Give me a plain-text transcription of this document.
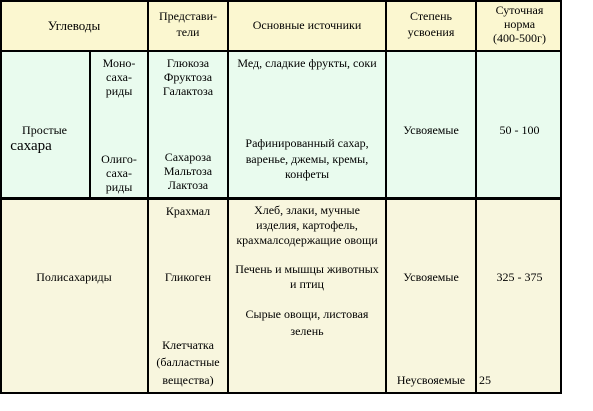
Углеводы
Представи-
тели	Основные источники
Степень
усвоения
Суточная
норма
(400-500г)
Простые
сахара
Моно-
саха-
риды
Олиго-
саха-
риды
Глюкоза
Фруктоза
Галактоза
Сахароза
Мальтоза
Лактоза
Мед, сладкие фрукты, соки
Рафинированный сахар,
варенье, джемы, кремы,
конфеты
Усвояемые	50 - 100
Полисахариды
Крахмал
Гликоген
Клетчатка
(балластные
вещества)
Хлеб, злаки, мучные
изделия, картофель,
крахмалсодержащие овощи
Печень и мышцы животных
и птиц
Сырые овощи, листовая
зелень
Усвояемые
Неусвояемые
325 - 375
25
